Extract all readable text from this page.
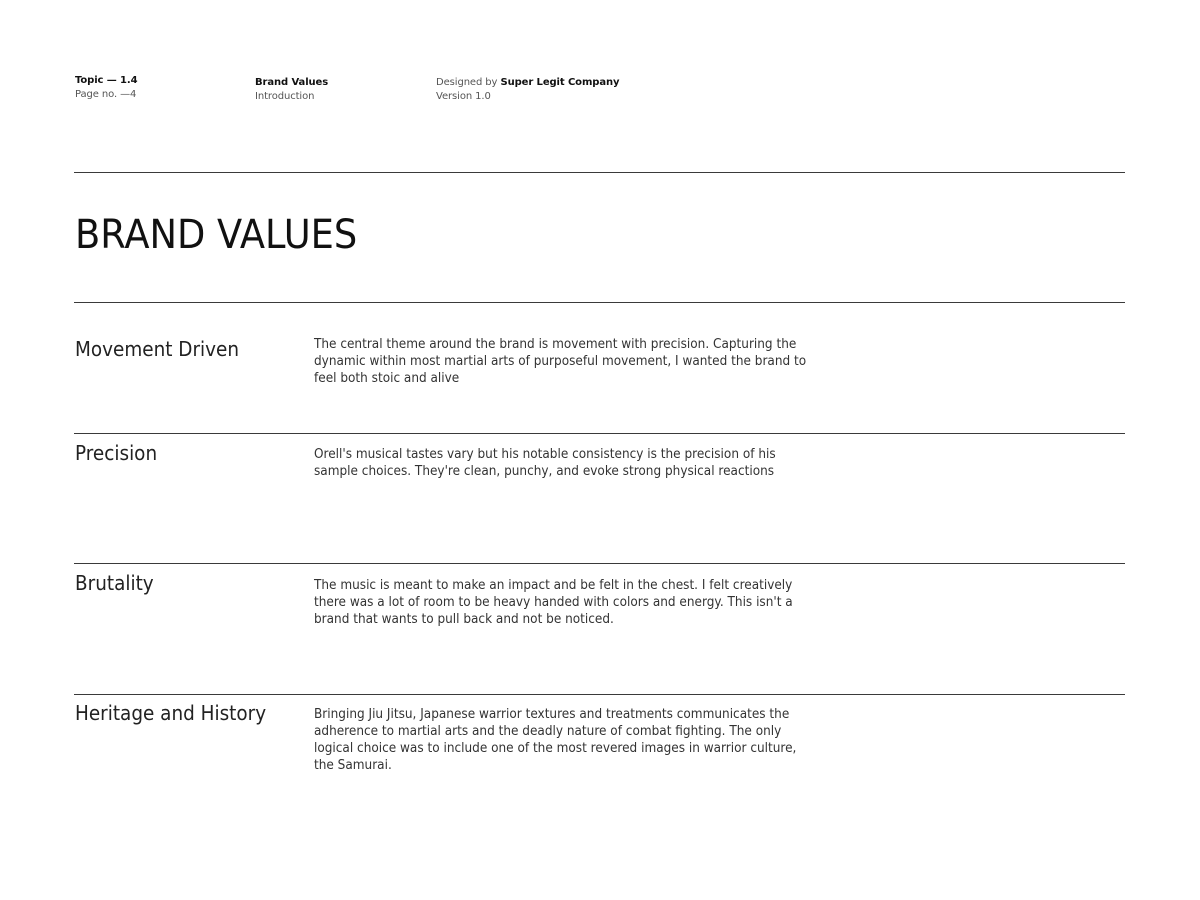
Topic — 1.4
Page no. —4
Brand Values
Introduction
Designed by Super Legit Company
Version 1.0
BRAND VALUES
Movement Driven	The central theme around the brand is movement with precision. Capturing the dynamic within most martial arts of purposeful movement, I wanted the brand to feel both stoic and alive

Precision	Orell's musical tastes vary but his notable consistency is the precision of his sample choices. They're clean, punchy, and evoke strong physical reactions

Brutality	The music is meant to make an impact and be felt in the chest. I felt creatively there was a lot of room to be heavy handed with colors and energy. This isn't a brand that wants to pull back and not be noticed.

Heritage and History	Bringing Jiu Jitsu, Japanese warrior textures and treatments communicates the adherence to martial arts and the deadly nature of combat fighting. The only logical choice was to include one of the most revered images in warrior culture, the Samurai.
